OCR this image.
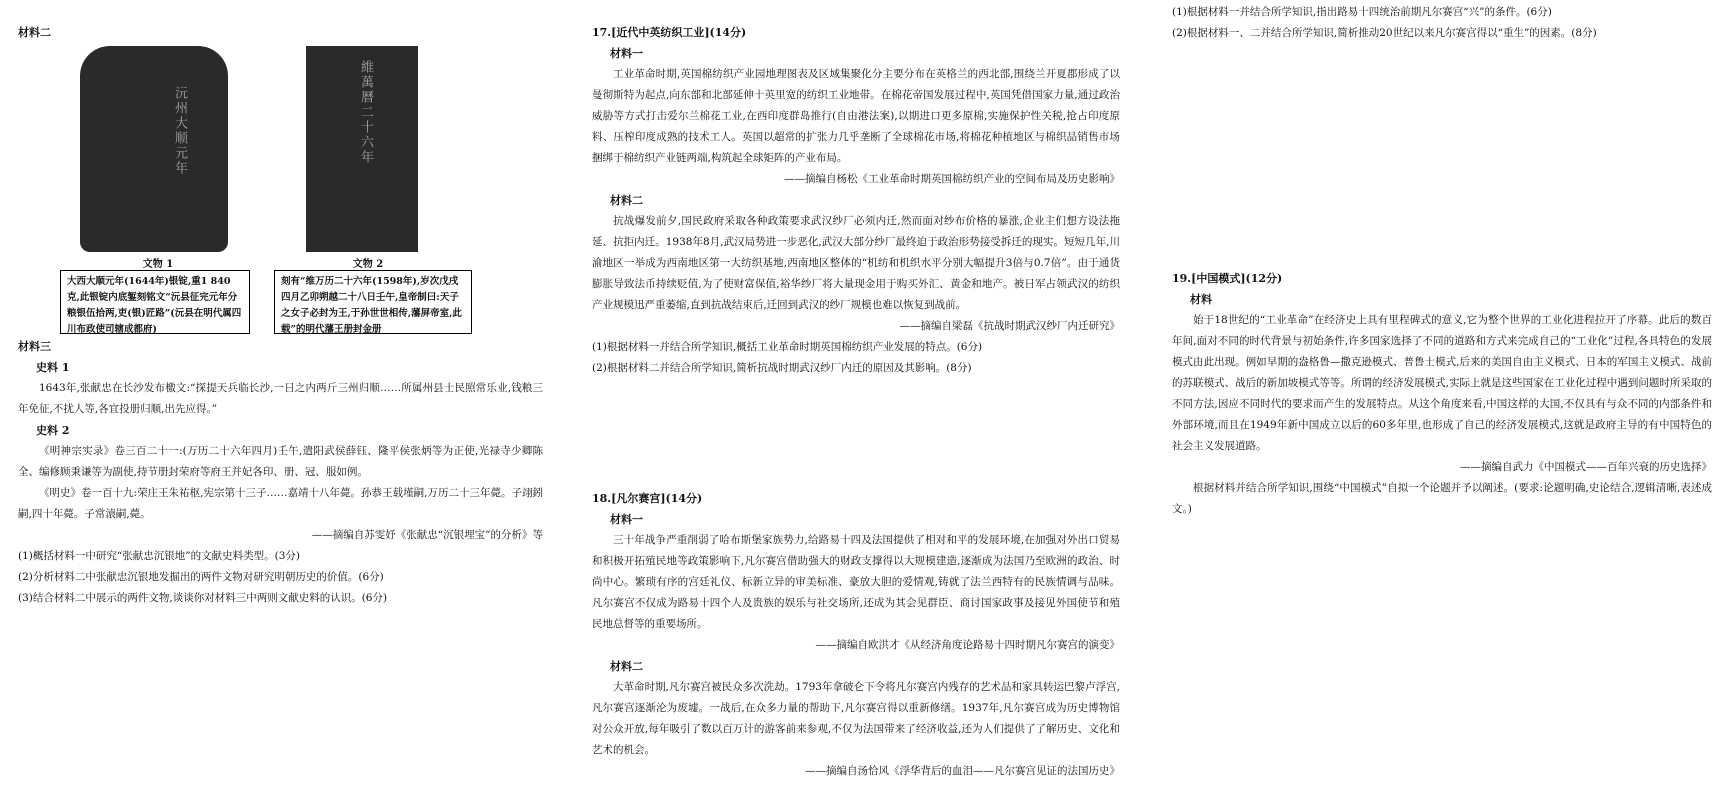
材料二
沅州大顺元年	維萬曆二十六年
文物 1	文物 2
大西大顺元年(1644年)银锭,重1 840克,此银锭内底錾刻铭文“沅县征完元年分粮银伍拾两,吏(银)匠路”(沅县在明代属四川布政使司辖成都府)
刻有“维万历二十六年(1598年),岁次戊戌四月乙卯朔越二十八日壬午,皇帝制曰:天子之女子必封为王,于孙世世相传,藩屏帝室,此载”的明代藩王册封金册
材料三
史料 1

1643年,张献忠在长沙发布檄文:“探提天兵临长沙,一日之内两斤三州归顺……所属州县士民照常乐业,钱粮三年免征,不扰人等,各宜投册归顺,出先应得。”

史料 2

《明神宗实录》卷三百二十一:(万历二十六年四月)壬午,遣阳武侯薛钰、隆平侯张炳等为正使,光禄寺少卿陈全、编修顾秉谦等为副使,持节册封荣府等府王并妃各印、册、冠、服如例。

《明史》卷一百十九:荣庄王朱祐枢,宪宗第十三子……嘉靖十八年薨。孙恭王载墐嗣,万历二十三年薨。子翊鈏嗣,四十年薨。子常溒嗣,薨。

——摘编自苏雯妤《张献忠“沉银埋宝”的分析》等

(1)概括材料一中研究“张献忠沉银地”的文献史料类型。(3分)

(2)分析材料二中张献忠沉银地发掘出的两件文物对研究明朝历史的价值。(6分)

(3)结合材料二中展示的两件文物,谈谈你对材料三中两则文献史料的认识。(6分)

17.[近代中英纺织工业](14分)
材料一

工业革命时期,英国棉纺织产业园地理图表及区域集聚化分主要分布在英格兰的西北部,围绕兰开夏郡形成了以曼彻斯特为起点,向东部和北部延伸十英里宽的纺织工业地带。在棉花帝国发展过程中,英国凭借国家力量,通过政治威胁等方式打击爱尔兰棉花工业,在西印度群岛推行(自由港法案),以期进口更多原棉,实施保护性关税,抢占印度原料、压榨印度成熟的技术工人。英国以超常的扩张力几乎垄断了全球棉花市场,将棉花种植地区与棉织品销售市场捆绑于棉纺织产业链两端,构筑起全球矩阵的产业布局。

——摘编自杨松《工业革命时期英国棉纺织产业的空间布局及历史影响》

材料二

抗战爆发前夕,国民政府采取各种政策要求武汉纱厂必须内迁,然而面对纱布价格的暴涨,企业主们想方设法拖延、抗拒内迁。1938年8月,武汉局势进一步恶化,武汉大部分纱厂最终迫于政治形势接受拆迁的现实。短短几年,川渝地区一举成为西南地区第一大纺织基地,西南地区整体的“机纺和机织水平分别大幅提升3倍与0.7倍”。由于通货膨胀导致法币持续贬值,为了使财富保值,裕华纱厂将大量现金用于购买外汇、黄金和地产。被日军占领武汉的纺织产业规模迅严重萎缩,直到抗战结束后,迁回到武汉的纱厂规模也难以恢复到战前。

——摘编自梁磊《抗战时期武汉纱厂内迁研究》

(1)根据材料一并结合所学知识,概括工业革命时期英国棉纺织产业发展的特点。(6分)

(2)根据材料二并结合所学知识,简析抗战时期武汉纱厂内迁的原因及其影响。(8分)

18.[凡尔赛宫](14分)
材料一

三十年战争严重削弱了哈布斯堡家族势力,给路易十四及法国提供了相对和平的发展环境,在加强对外出口贸易和积极开拓殖民地等政策影响下,凡尔赛宫借助强大的财政支撑得以大规模建造,逐渐成为法国乃至欧洲的政治、时尚中心。繁琐有序的宫廷礼仪、标新立异的审美标准、豪放大胆的爱情观,铸就了法兰西特有的民族情调与品味。凡尔赛宫不仅成为路易十四个人及贵族的娱乐与社交场所,还成为其会见群臣、商讨国家政事及接见外国使节和殖民地总督等的重要场所。

——摘编自欧洪才《从经济角度论路易十四时期凡尔赛宫的演变》

材料二

大革命时期,凡尔赛宫被民众多次洗劫。1793年拿破仑下令将凡尔赛宫内残存的艺术品和家具转运巴黎卢浮宫,凡尔赛宫逐渐沦为废墟。一战后,在众多力量的帮助下,凡尔赛宫得以重新修缮。1937年,凡尔赛宫成为历史博物馆对公众开放,每年吸引了数以百万计的游客前来参观,不仅为法国带来了经济收益,还为人们提供了了解历史、文化和艺术的机会。

——摘编自汤恰风《浮华背后的血泪——凡尔赛宫见证的法国历史》

(1)根据材料一并结合所学知识,指出路易十四统治前期凡尔赛宫“兴”的条件。(6分)

(2)根据材料一、二并结合所学知识,简析推动20世纪以来凡尔赛宫得以“重生”的因素。(8分)

19.[中国模式](12分)
材料

始于18世纪的“工业革命”在经济史上具有里程碑式的意义,它为整个世界的工业化进程拉开了序幕。此后的数百年间,面对不同的时代背景与初始条件,许多国家选择了不同的道路和方式来完成自己的“工业化”过程,各具特色的发展模式由此出现。例如早期的盎格鲁—撒克逊模式、普鲁士模式,后来的美国自由主义模式、日本的军国主义模式、战前的苏联模式、战后的新加坡模式等等。所谓的经济发展模式,实际上就是这些国家在工业化过程中遇到问题时所采取的不同方法,因应不同时代的要求而产生的发展特点。从这个角度来看,中国这样的大国,不仅具有与众不同的内部条件和外部环境,而且在1949年新中国成立以后的60多年里,也形成了自己的经济发展模式,这就是政府主导的有中国特色的社会主义发展道路。

——摘编自武力《中国模式——百年兴衰的历史选择》

根据材料并结合所学知识,围绕“中国模式”自拟一个论题并予以阐述。(要求:论题明确,史论结合,逻辑清晰,表述成文。)
